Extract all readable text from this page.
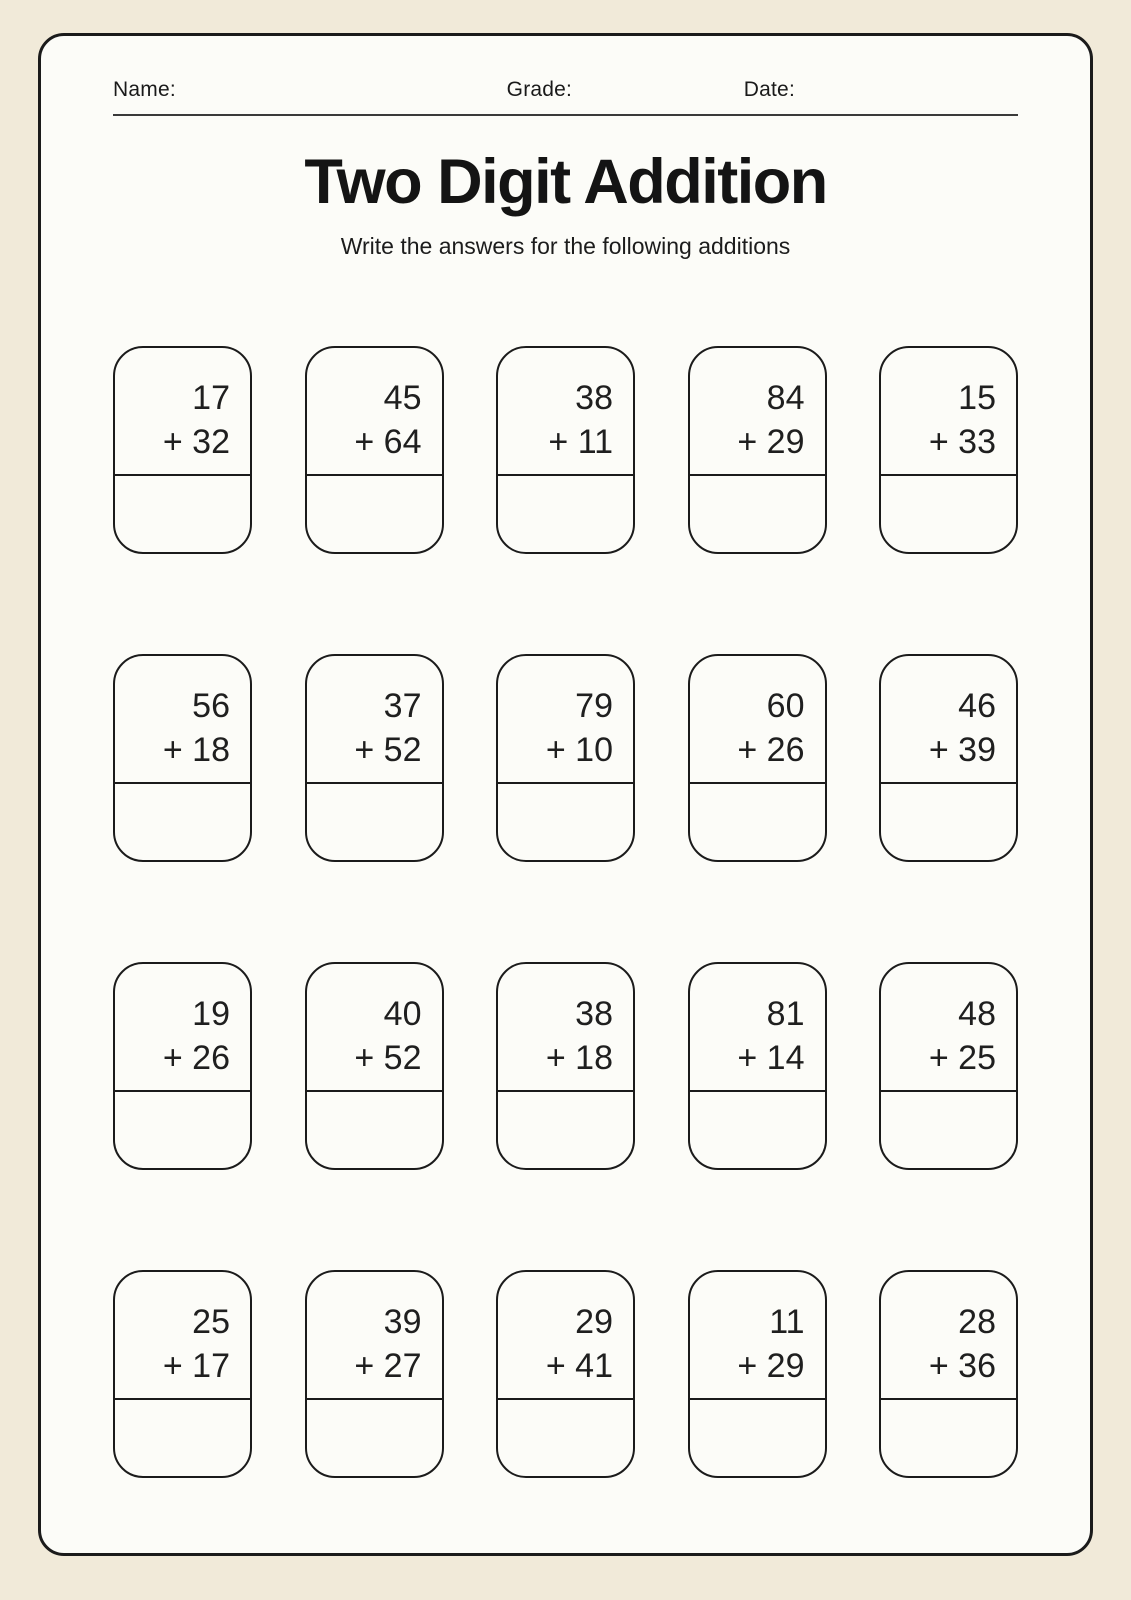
Name:	Grade:	Date:
Two Digit Addition

Write the answers for the following additions

17
+ 32
45
+ 64
38
+ 11
84
+ 29
15
+ 33
56
+ 18
37
+ 52
79
+ 10
60
+ 26
46
+ 39
19
+ 26
40
+ 52
38
+ 18
81
+ 14
48
+ 25
25
+ 17
39
+ 27
29
+ 41
11
+ 29
28
+ 36
